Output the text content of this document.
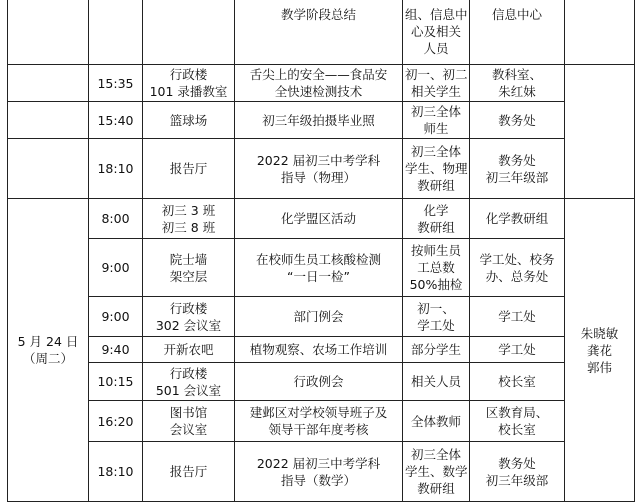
			教学阶段总结	组、信息中
心及相关
人员	信息中心	
	15:35	行政楼
101 录播教室	舌尖上的安全——食品安
全快速检测技术	初一、初二
相关学生	教科室、
朱红妹	

	15:40	篮球场	初三年级拍摄毕业照	初三全体
师生	教务处	
	18:10	报告厅	2022 届初三中考学科
指导（物理）	初三全体
学生、物理
教研组	教务处
初三年级部	

5 月 24 日
（周二）	8:00	初三 3 班
初三 8 班	化学盟区活动	化学
教研组	化学教研组	朱晓敏
龚花
郭伟

	9:00	院士墙
架空层	在校师生员工核酸检测
“一日一检”	按师生员
工总数
50%抽检	学工处、校务
办、总务处	

	9:00	行政楼
302 会议室	部门例会	初一、
学工处	学工处	
	9:40	开新农吧	植物观察、农场工作培训	部分学生	学工处	
	10:15	行政楼
501 会议室	行政例会	相关人员	校长室	
	16:20	图书馆
会议室	建邺区对学校领导班子及
领导干部年度考核	全体教师	区教育局、
校长室	

	18:10	报告厅	2022 届初三中考学科
指导（数学）	初三全体
学生、数学
教研组	教务处
初三年级部	
